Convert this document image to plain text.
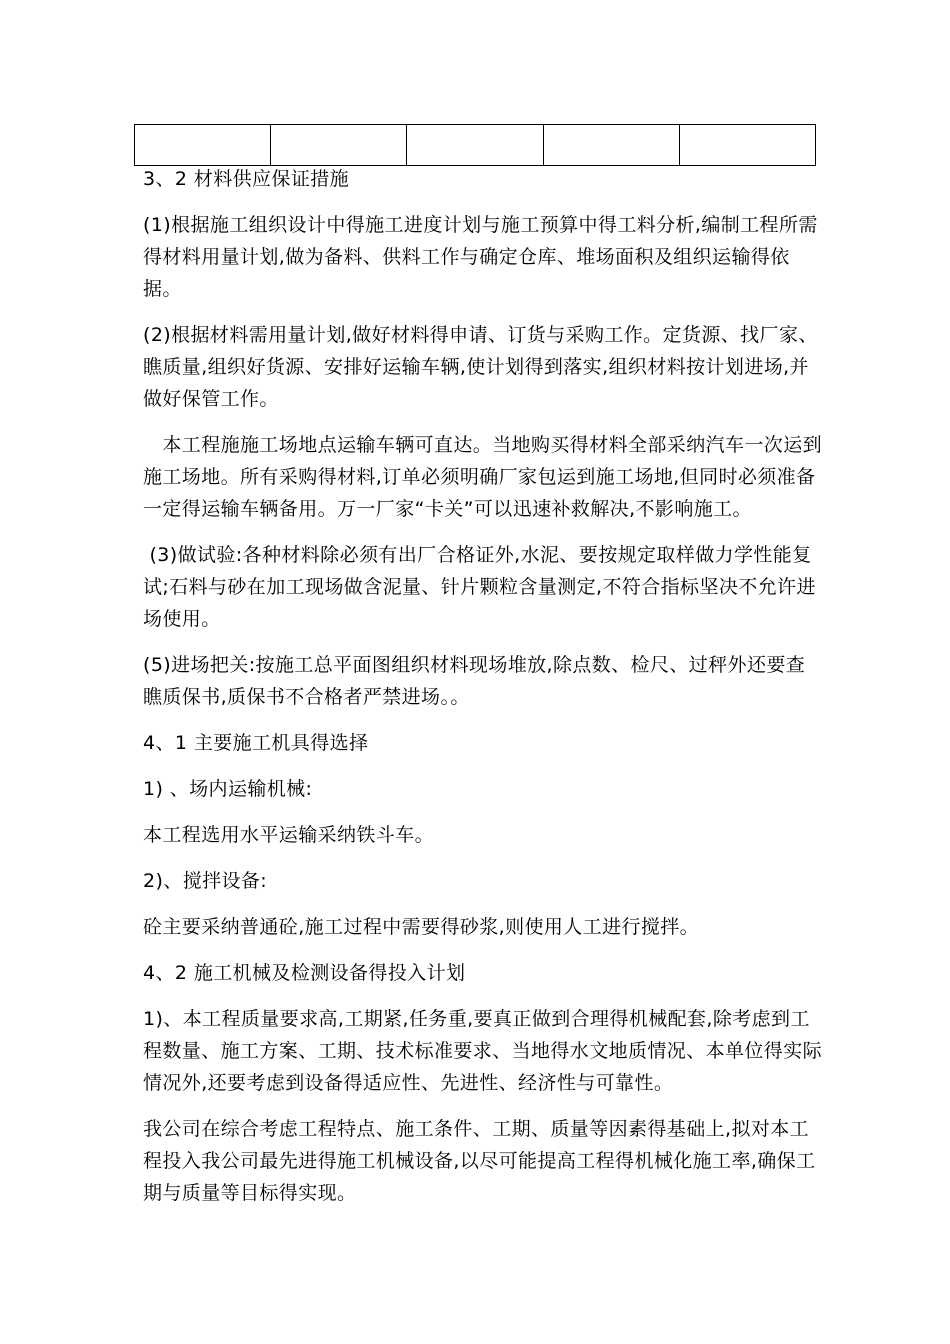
3、2 材料供应保证措施

(1)根据施工组织设计中得施工进度计划与施工预算中得工料分析,编制工程所需得材料用量计划,做为备料、供料工作与确定仓库、堆场面积及组织运输得依据。

(2)根据材料需用量计划,做好材料得申请、订货与采购工作。定货源、找厂家、瞧质量,组织好货源、安排好运输车辆,使计划得到落实,组织材料按计划进场,并做好保管工作。

　本工程施施工场地点运输车辆可直达。当地购买得材料全部采纳汽车一次运到施工场地。所有采购得材料,订单必须明确厂家包运到施工场地,但同时必须准备一定得运输车辆备用。万一厂家“卡关”可以迅速补救解决,不影响施工。

(3)做试验:各种材料除必须有出厂合格证外,水泥、要按规定取样做力学性能复试;石料与砂在加工现场做含泥量、针片颗粒含量测定,不符合指标坚决不允许进场使用。

(5)进场把关:按施工总平面图组织材料现场堆放,除点数、检尺、过秤外还要查瞧质保书,质保书不合格者严禁进场。。

4、1 主要施工机具得选择

1) 、场内运输机械:

本工程选用水平运输采纳铁斗车。

2)、搅拌设备:

砼主要采纳普通砼,施工过程中需要得砂浆,则使用人工进行搅拌。

4、2 施工机械及检测设备得投入计划

1)、本工程质量要求高,工期紧,任务重,要真正做到合理得机械配套,除考虑到工程数量、施工方案、工期、技术标准要求、当地得水文地质情况、本单位得实际情况外,还要考虑到设备得适应性、先进性、经济性与可靠性。

我公司在综合考虑工程特点、施工条件、工期、质量等因素得基础上,拟对本工程投入我公司最先进得施工机械设备,以尽可能提高工程得机械化施工率,确保工期与质量等目标得实现。
